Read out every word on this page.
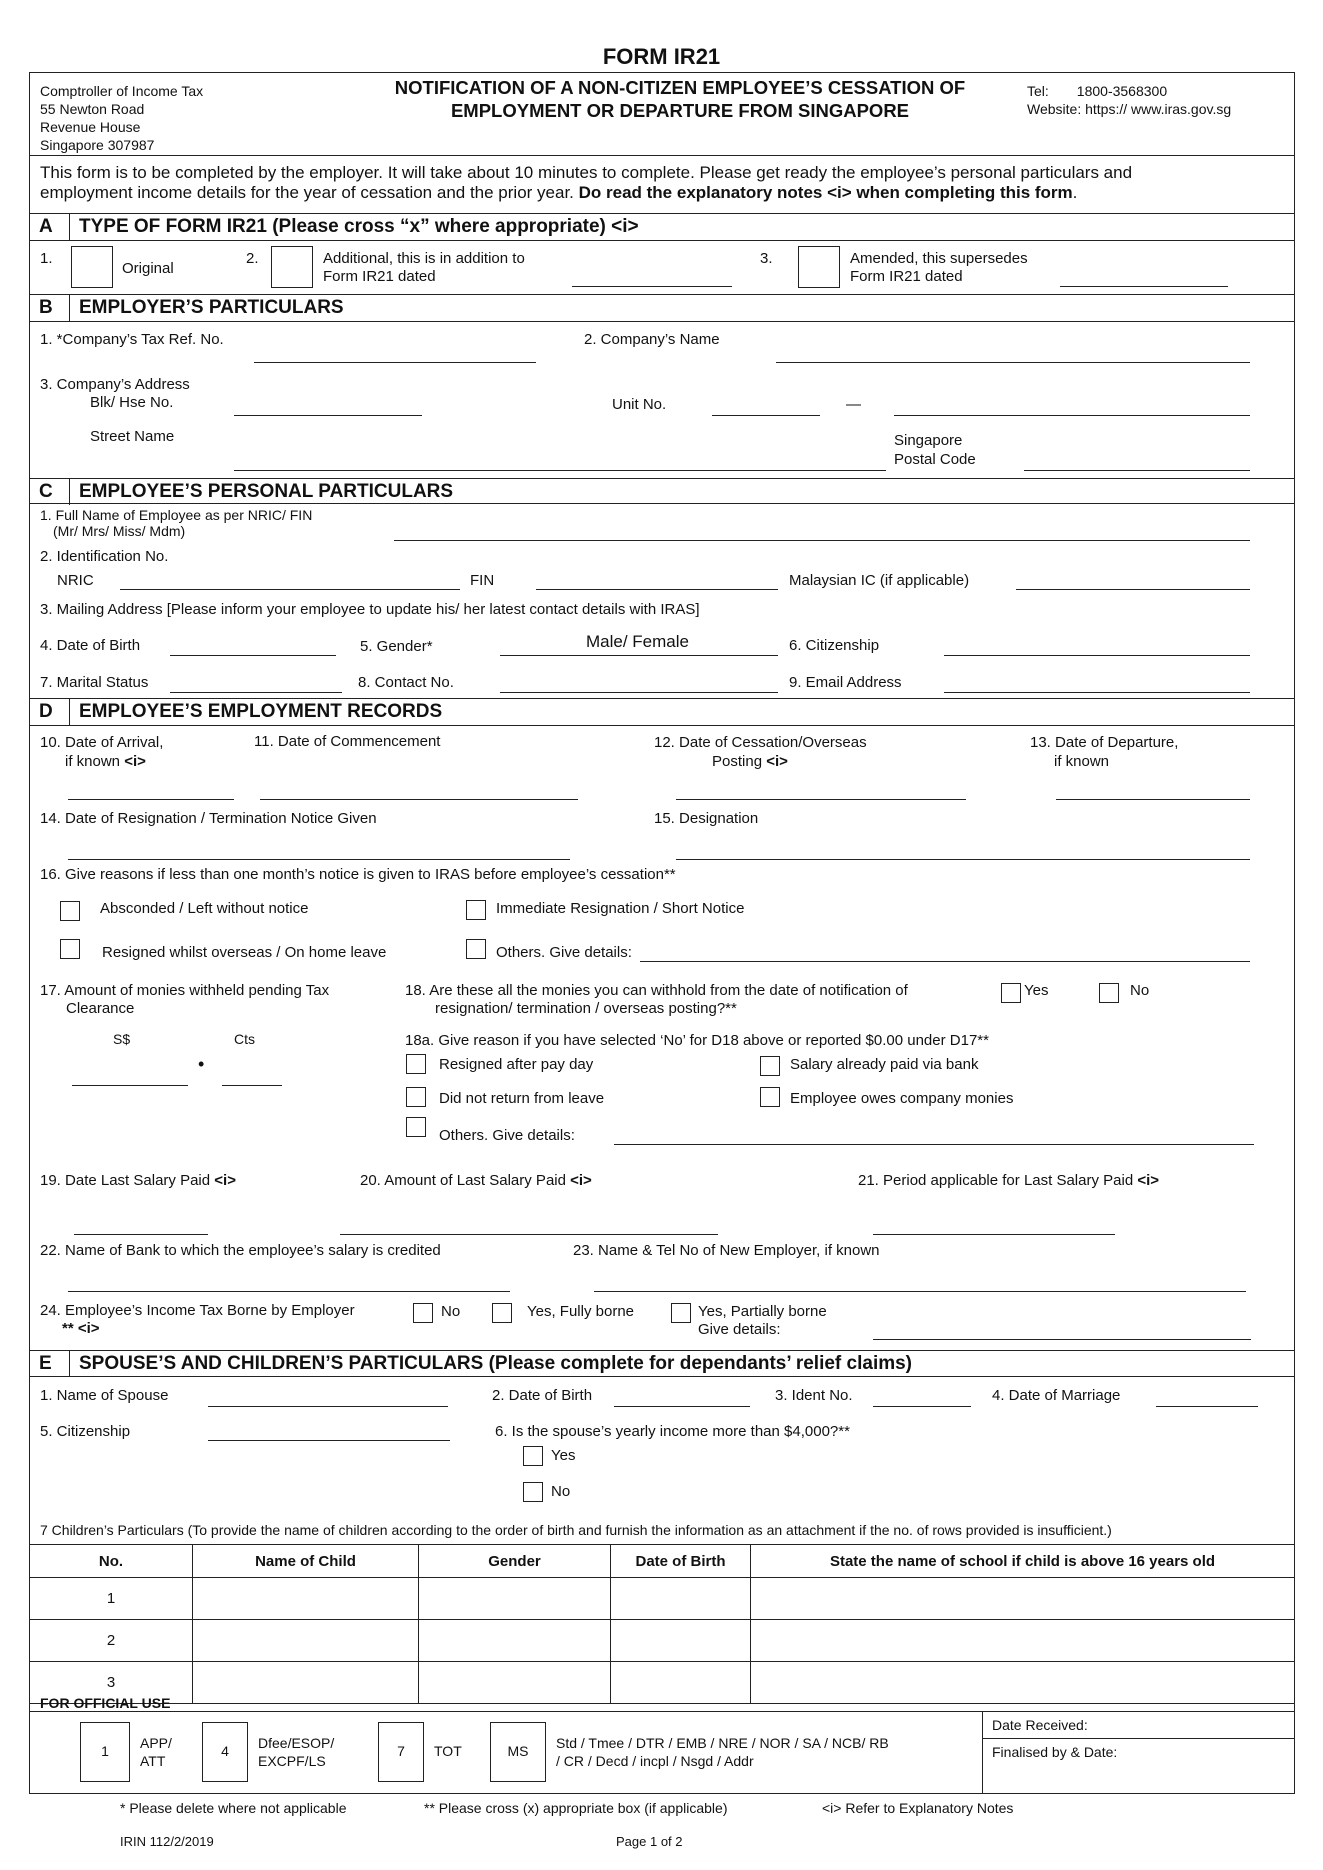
FORM IR21
Comptroller of Income Tax
55 Newton Road
Revenue House
Singapore 307987
NOTIFICATION OF A NON-CITIZEN EMPLOYEE’S CESSATION OF
EMPLOYMENT OR DEPARTURE FROM SINGAPORE
Tel: 1800-3568300
Website: https:// www.iras.gov.sg
This form is to be completed by the employer. It will take about 10 minutes to complete. Please get ready the employee’s personal particulars and
employment income details for the year of cessation and the prior year. Do read the explanatory notes <i> when completing this form.
A TYPE OF FORM IR21 (Please cross “x” where appropriate) <i>
1.
Original
2.	Additional, this is in addition to
Form IR21 dated
3.	Amended, this supersedes
Form IR21 dated
B EMPLOYER’S PARTICULARS
1. *Company’s Tax Ref. No.	2. Company’s Name
3. Company’s Address
Blk/ Hse No.	Unit No.	—
Street Name	Singapore
Postal Code
C EMPLOYEE’S PERSONAL PARTICULARS
1. Full Name of Employee as per NRIC/ FIN
(Mr/ Mrs/ Miss/ Mdm)
2. Identification No.
NRIC	FIN	Malaysian IC (if applicable)
3. Mailing Address [Please inform your employee to update his/ her latest contact details with IRAS]
4. Date of Birth	5. Gender*	Male/ Female	6. Citizenship
7. Marital Status	8. Contact No.	9. Email Address
D EMPLOYEE’S EMPLOYMENT RECORDS
10. Date of Arrival,
if known <i>
11. Date of Commencement	12. Date of Cessation/Overseas
Posting <i>
13. Date of Departure,
if known
14. Date of Resignation / Termination Notice Given	15. Designation
16. Give reasons if less than one month’s notice is given to IRAS before employee’s cessation**
Absconded / Left without notice	Immediate Resignation / Short Notice
Resigned whilst overseas / On home leave	Others. Give details:
17. Amount of monies withheld pending Tax
Clearance
S$	Cts
•
18. Are these all the monies you can withhold from the date of notification of
resignation/ termination / overseas posting?**
Yes	No
18a. Give reason if you have selected ‘No’ for D18 above or reported $0.00 under D17**
Resigned after pay day	Salary already paid via bank
Did not return from leave	Employee owes company monies
Others. Give details:
19. Date Last Salary Paid <i>	20. Amount of Last Salary Paid <i>	21. Period applicable for Last Salary Paid <i>
22. Name of Bank to which the employee’s salary is credited	23. Name & Tel No of New Employer, if known
24. Employee’s Income Tax Borne by Employer
** <i>
No	Yes, Fully borne	Yes, Partially borne
Give details:
E SPOUSE’S AND CHILDREN’S PARTICULARS (Please complete for dependants’ relief claims)
1. Name of Spouse	2. Date of Birth	3. Ident No.	4. Date of Marriage
5. Citizenship	6. Is the spouse’s yearly income more than $4,000?**
Yes
No
7 Children’s Particulars (To provide the name of children according to the order of birth and furnish the information as an attachment if the no. of rows provided is insufficient.)
No.	Name of Child	Gender	Date of Birth	State the name of school if child is above 16 years old
1				
2				
3				
FOR OFFICIAL USE
1	APP/
ATT
4	Dfee/ESOP/
EXCPF/LS
7	TOT	MS	Std / Tmee / DTR / EMB / NRE / NOR / SA / NCB/ RB
/ CR / Decd / incpl / Nsgd / Addr
Date Received:
Finalised by & Date:
* Please delete where not applicable	** Please cross (x) appropriate box (if applicable)	<i> Refer to Explanatory Notes
IRIN 112/2/2019	Page 1 of 2
